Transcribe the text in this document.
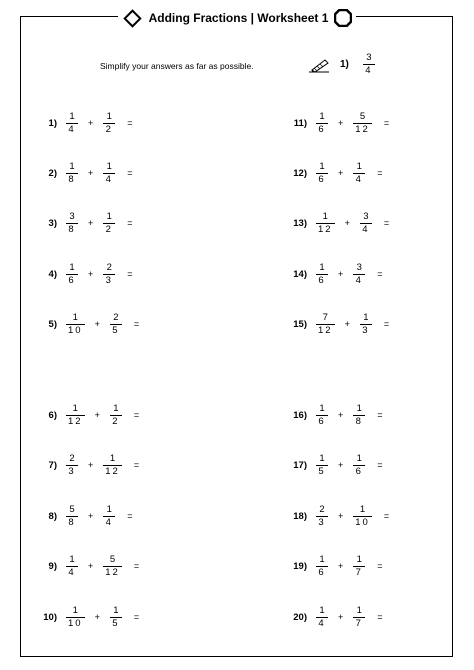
Adding Fractions | Worksheet 1
Simplify your answers as far as possible.	$1) \frac{3}{4}$
$1) \frac{1}{4} + \frac{1}{2}$ =
$2) \frac{1}{8} + \frac{1}{4}$ =
$3) \frac{3}{8} + \frac{1}{2}$ =
$4) \frac{1}{6} + \frac{2}{3}$ =
$5) \frac{1}{10} + \frac{2}{5}$ =
$6) \frac{1}{12} + \frac{1}{2}$ =
$7) \frac{2}{3} + \frac{1}{12}$ =
$8) \frac{5}{8} + \frac{1}{4}$ =
$9) \frac{1}{4} + \frac{5}{12}$ =
$10) \frac{1}{10} + \frac{1}{5}$ =
$11) \frac{1}{6} + \frac{5}{12}$ =
$12) \frac{1}{6} + \frac{1}{4}$ =
$13) \frac{1}{12} + \frac{3}{4}$ =
$14) \frac{1}{6} + \frac{3}{4}$ =
$15) \frac{7}{12} + \frac{1}{3}$ =
$16) \frac{1}{6} + \frac{1}{8}$ =
$17) \frac{1}{5} + \frac{1}{6}$ =
$18) \frac{2}{3} + \frac{1}{10}$ =
$19) \frac{1}{6} + \frac{1}{7}$ =
$20) \frac{1}{4} + \frac{1}{7}$ =
